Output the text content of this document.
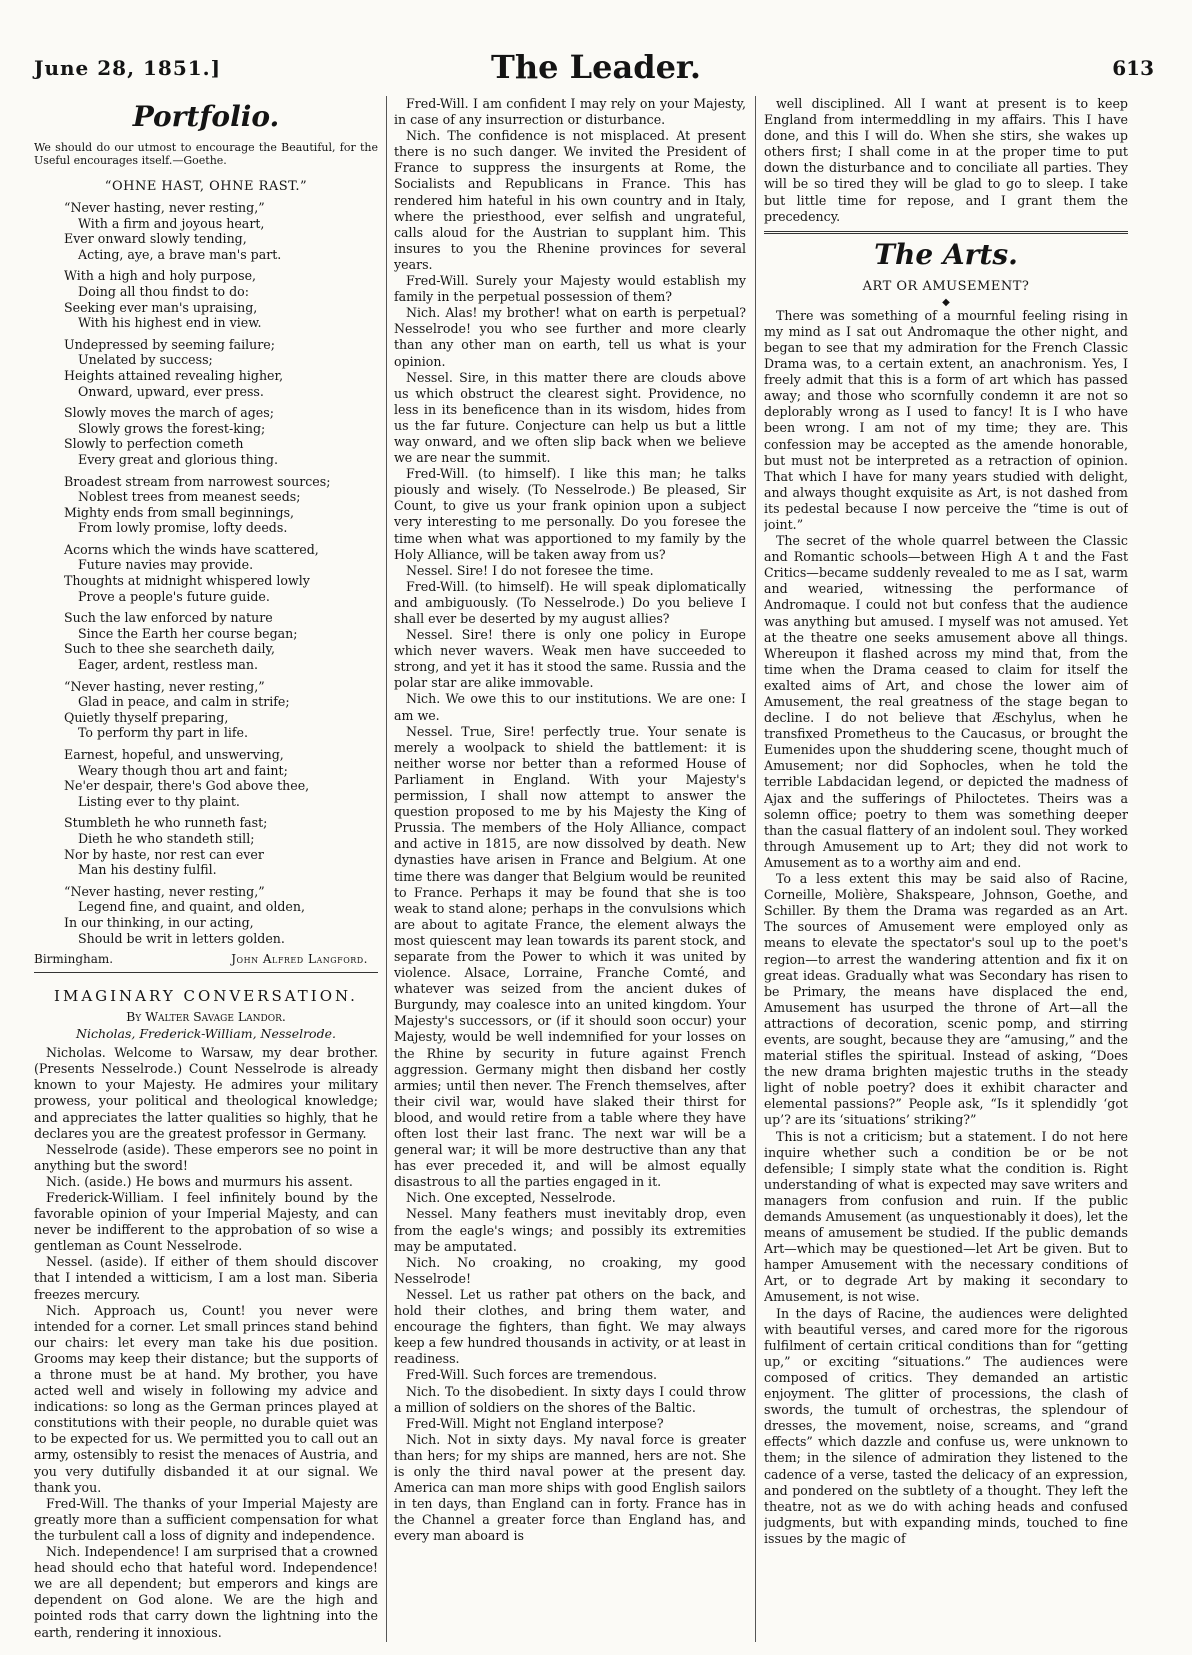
June 28, 1851.]	The Leader.	613
Portfolio.

We should do our utmost to encourage the Beautiful, for the Useful encourages itself.—Goethe.

“OHNE HAST, OHNE RAST.”
“Never hasting, never resting,”
With a firm and joyous heart,
Ever onward slowly tending,
Acting, aye, a brave man's part.
With a high and holy purpose,
Doing all thou findst to do:
Seeking ever man's upraising,
With his highest end in view.
Undepressed by seeming failure;
Unelated by success;
Heights attained revealing higher,
Onward, upward, ever press.
Slowly moves the march of ages;
Slowly grows the forest-king;
Slowly to perfection cometh
Every great and glorious thing.
Broadest stream from narrowest sources;
Noblest trees from meanest seeds;
Mighty ends from small beginnings,
From lowly promise, lofty deeds.
Acorns which the winds have scattered,
Future navies may provide.
Thoughts at midnight whispered lowly
Prove a people's future guide.
Such the law enforced by nature
Since the Earth her course began;
Such to thee she searcheth daily,
Eager, ardent, restless man.
“Never hasting, never resting,”
Glad in peace, and calm in strife;
Quietly thyself preparing,
To perform thy part in life.
Earnest, hopeful, and unswerving,
Weary though thou art and faint;
Ne'er despair, there's God above thee,
Listing ever to thy plaint.
Stumbleth he who runneth fast;
Dieth he who standeth still;
Nor by haste, nor rest can ever
Man his destiny fulfil.
“Never hasting, never resting,”
Legend fine, and quaint, and olden,
In our thinking, in our acting,
Should be writ in letters golden.
Birmingham.	John Alfred Langford.
IMAGINARY CONVERSATION.
By Walter Savage Landor.
Nicholas, Frederick-William, Nesselrode.

Nicholas. Welcome to Warsaw, my dear brother. (Presents Nesselrode.) Count Nesselrode is already known to your Majesty. He admires your military prowess, your political and theological knowledge; and appreciates the latter qualities so highly, that he declares you are the greatest professor in Germany.

Nesselrode (aside). These emperors see no point in anything but the sword!

Nich. (aside.) He bows and murmurs his assent.

Frederick-William. I feel infinitely bound by the favorable opinion of your Imperial Majesty, and can never be indifferent to the approbation of so wise a gentleman as Count Nesselrode.

Nessel. (aside). If either of them should discover that I intended a witticism, I am a lost man. Siberia freezes mercury.

Nich. Approach us, Count! you never were intended for a corner. Let small princes stand behind our chairs: let every man take his due position. Grooms may keep their distance; but the supports of a throne must be at hand. My brother, you have acted well and wisely in following my advice and indications: so long as the German princes played at constitutions with their people, no durable quiet was to be expected for us. We permitted you to call out an army, ostensibly to resist the menaces of Austria, and you very dutifully disbanded it at our signal. We thank you.

Fred-Will. The thanks of your Imperial Majesty are greatly more than a sufficient compensation for what the turbulent call a loss of dignity and independence.

Nich. Independence! I am surprised that a crowned head should echo that hateful word. Independence! we are all dependent; but emperors and kings are dependent on God alone. We are the high and pointed rods that carry down the lightning into the earth, rendering it innoxious.

Fred-Will. I am confident I may rely on your Majesty, in case of any insurrection or disturbance.

Nich. The confidence is not misplaced. At present there is no such danger. We invited the President of France to suppress the insurgents at Rome, the Socialists and Republicans in France. This has rendered him hateful in his own country and in Italy, where the priesthood, ever selfish and ungrateful, calls aloud for the Austrian to supplant him. This insures to you the Rhenine provinces for several years.

Fred-Will. Surely your Majesty would establish my family in the perpetual possession of them?

Nich. Alas! my brother! what on earth is perpetual? Nesselrode! you who see further and more clearly than any other man on earth, tell us what is your opinion.

Nessel. Sire, in this matter there are clouds above us which obstruct the clearest sight. Providence, no less in its beneficence than in its wisdom, hides from us the far future. Conjecture can help us but a little way onward, and we often slip back when we believe we are near the summit.

Fred-Will. (to himself). I like this man; he talks piously and wisely. (To Nesselrode.) Be pleased, Sir Count, to give us your frank opinion upon a subject very interesting to me personally. Do you foresee the time when what was apportioned to my family by the Holy Alliance, will be taken away from us?

Nessel. Sire! I do not foresee the time.

Fred-Will. (to himself). He will speak diplomatically and ambiguously. (To Nesselrode.) Do you believe I shall ever be deserted by my august allies?

Nessel. Sire! there is only one policy in Europe which never wavers. Weak men have succeeded to strong, and yet it has it stood the same. Russia and the polar star are alike immovable.

Nich. We owe this to our institutions. We are one: I am we.

Nessel. True, Sire! perfectly true. Your senate is merely a woolpack to shield the battlement: it is neither worse nor better than a reformed House of Parliament in England. With your Majesty's permission, I shall now attempt to answer the question proposed to me by his Majesty the King of Prussia. The members of the Holy Alliance, compact and active in 1815, are now dissolved by death. New dynasties have arisen in France and Belgium. At one time there was danger that Belgium would be reunited to France. Perhaps it may be found that she is too weak to stand alone; perhaps in the convulsions which are about to agitate France, the element always the most quiescent may lean towards its parent stock, and separate from the Power to which it was united by violence. Alsace, Lorraine, Franche Comté, and whatever was seized from the ancient dukes of Burgundy, may coalesce into an united kingdom. Your Majesty's successors, or (if it should soon occur) your Majesty, would be well indemnified for your losses on the Rhine by security in future against French aggression. Germany might then disband her costly armies; until then never. The French themselves, after their civil war, would have slaked their thirst for blood, and would retire from a table where they have often lost their last franc. The next war will be a general war; it will be more destructive than any that has ever preceded it, and will be almost equally disastrous to all the parties engaged in it.

Nich. One excepted, Nesselrode.

Nessel. Many feathers must inevitably drop, even from the eagle's wings; and possibly its extremities may be amputated.

Nich. No croaking, no croaking, my good Nesselrode!

Nessel. Let us rather pat others on the back, and hold their clothes, and bring them water, and encourage the fighters, than fight. We may always keep a few hundred thousands in activity, or at least in readiness.

Fred-Will. Such forces are tremendous.

Nich. To the disobedient. In sixty days I could throw a million of soldiers on the shores of the Baltic.

Fred-Will. Might not England interpose?

Nich. Not in sixty days. My naval force is greater than hers; for my ships are manned, hers are not. She is only the third naval power at the present day. America can man more ships with good English sailors in ten days, than England can in forty. France has in the Channel a greater force than England has, and every man aboard is

well disciplined. All I want at present is to keep England from intermeddling in my affairs. This I have done, and this I will do. When she stirs, she wakes up others first; I shall come in at the proper time to put down the disturbance and to conciliate all parties. They will be so tired they will be glad to go to sleep. I take but little time for repose, and I grant them the precedency.

The Arts.
ART OR AMUSEMENT?
◆

There was something of a mournful feeling rising in my mind as I sat out Andromaque the other night, and began to see that my admiration for the French Classic Drama was, to a certain extent, an anachronism. Yes, I freely admit that this is a form of art which has passed away; and those who scornfully condemn it are not so deplorably wrong as I used to fancy! It is I who have been wrong. I am not of my time; they are. This confession may be accepted as the amende honorable, but must not be interpreted as a retraction of opinion. That which I have for many years studied with delight, and always thought exquisite as Art, is not dashed from its pedestal because I now perceive the “time is out of joint.”

The secret of the whole quarrel between the Classic and Romantic schools—between High A t and the Fast Critics—became suddenly revealed to me as I sat, warm and wearied, witnessing the performance of Andromaque. I could not but confess that the audience was anything but amused. I myself was not amused. Yet at the theatre one seeks amusement above all things. Whereupon it flashed across my mind that, from the time when the Drama ceased to claim for itself the exalted aims of Art, and chose the lower aim of Amusement, the real greatness of the stage began to decline. I do not believe that Æschylus, when he transfixed Prometheus to the Caucasus, or brought the Eumenides upon the shuddering scene, thought much of Amusement; nor did Sophocles, when he told the terrible Labdacidan legend, or depicted the madness of Ajax and the sufferings of Philoctetes. Theirs was a solemn office; poetry to them was something deeper than the casual flattery of an indolent soul. They worked through Amusement up to Art; they did not work to Amusement as to a worthy aim and end.

To a less extent this may be said also of Racine, Corneille, Molière, Shakspeare, Johnson, Goethe, and Schiller. By them the Drama was regarded as an Art. The sources of Amusement were employed only as means to elevate the spectator's soul up to the poet's region—to arrest the wandering attention and fix it on great ideas. Gradually what was Secondary has risen to be Primary, the means have displaced the end, Amusement has usurped the throne of Art—all the attractions of decoration, scenic pomp, and stirring events, are sought, because they are “amusing,” and the material stifles the spiritual. Instead of asking, “Does the new drama brighten majestic truths in the steady light of noble poetry? does it exhibit character and elemental passions?” People ask, “Is it splendidly ‘got up’? are its ‘situations’ striking?”

This is not a criticism; but a statement. I do not here inquire whether such a condition be or be not defensible; I simply state what the condition is. Right understanding of what is expected may save writers and managers from confusion and ruin. If the public demands Amusement (as unquestionably it does), let the means of amusement be studied. If the public demands Art—which may be questioned—let Art be given. But to hamper Amusement with the necessary conditions of Art, or to degrade Art by making it secondary to Amusement, is not wise.

In the days of Racine, the audiences were delighted with beautiful verses, and cared more for the rigorous fulfilment of certain critical conditions than for “getting up,” or exciting “situations.” The audiences were composed of critics. They demanded an artistic enjoyment. The glitter of processions, the clash of swords, the tumult of orchestras, the splendour of dresses, the movement, noise, screams, and “grand effects” which dazzle and confuse us, were unknown to them; in the silence of admiration they listened to the cadence of a verse, tasted the delicacy of an expression, and pondered on the subtlety of a thought. They left the theatre, not as we do with aching heads and confused judgments, but with expanding minds, touched to fine issues by the magic of
